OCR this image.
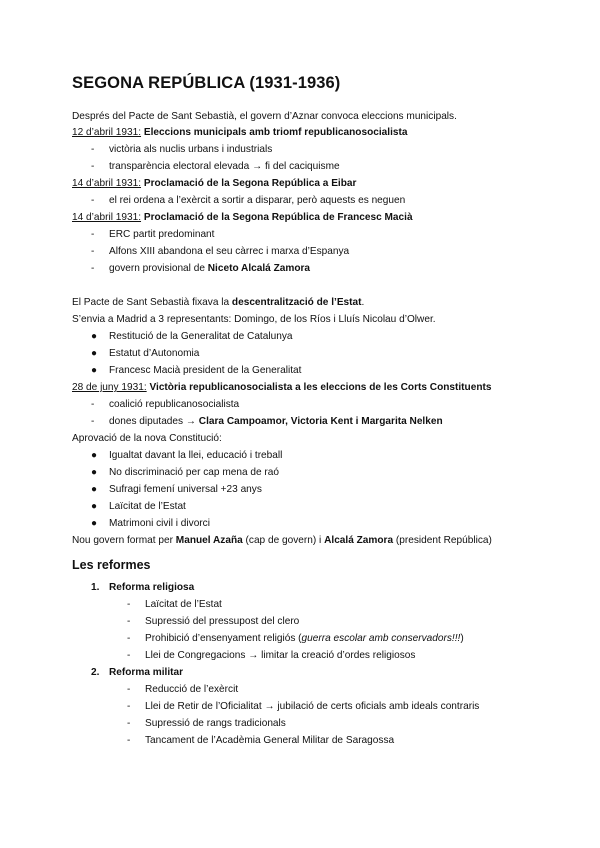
SEGONA REPÚBLICA (1931-1936)
Després del Pacte de Sant Sebastià, el govern d’Aznar convoca eleccions municipals.
12 d’abril 1931: Eleccions municipals amb triomf republicanosocialista
- victòria als nuclis urbans i industrials
- transparència electoral elevada → fi del caciquisme
14 d’abril 1931: Proclamació de la Segona República a Eibar
- el rei ordena a l’exèrcit a sortir a disparar, però aquests es neguen
14 d’abril 1931: Proclamació de la Segona República de Francesc Macià
- ERC partit predominant
- Alfons XIII abandona el seu càrrec i marxa d’Espanya
- govern provisional de Niceto Alcalá Zamora
El Pacte de Sant Sebastià fixava la descentralització de l’Estat.
S’envia a Madrid a 3 representants: Domingo, de los Ríos i Lluís Nicolau d’Olwer.
● Restitució de la Generalitat de Catalunya
● Estatut d’Autonomia
● Francesc Macià president de la Generalitat
28 de juny 1931: Victòria republicanosocialista a les eleccions de les Corts Constituents
- coalició republicanosocialista
- dones diputades → Clara Campoamor, Victoria Kent i Margarita Nelken
Aprovació de la nova Constitució:
● Igualtat davant la llei, educació i treball
● No discriminació per cap mena de raó
● Sufragi femení universal +23 anys
● Laïcitat de l’Estat
● Matrimoni civil i divorci
Nou govern format per Manuel Azaña (cap de govern) i Alcalá Zamora (president República)
Les reformes
1. Reforma religiosa
- Laïcitat de l’Estat
- Supressió del pressupost del clero
- Prohibició d’ensenyament religiós (guerra escolar amb conservadors!!!)
- Llei de Congregacions → limitar la creació d’ordes religiosos
2. Reforma militar
- Reducció de l’exèrcit
- Llei de Retir de l’Oficialitat → jubilació de certs oficials amb ideals contraris
- Supressió de rangs tradicionals
- Tancament de l’Acadèmia General Militar de Saragossa
